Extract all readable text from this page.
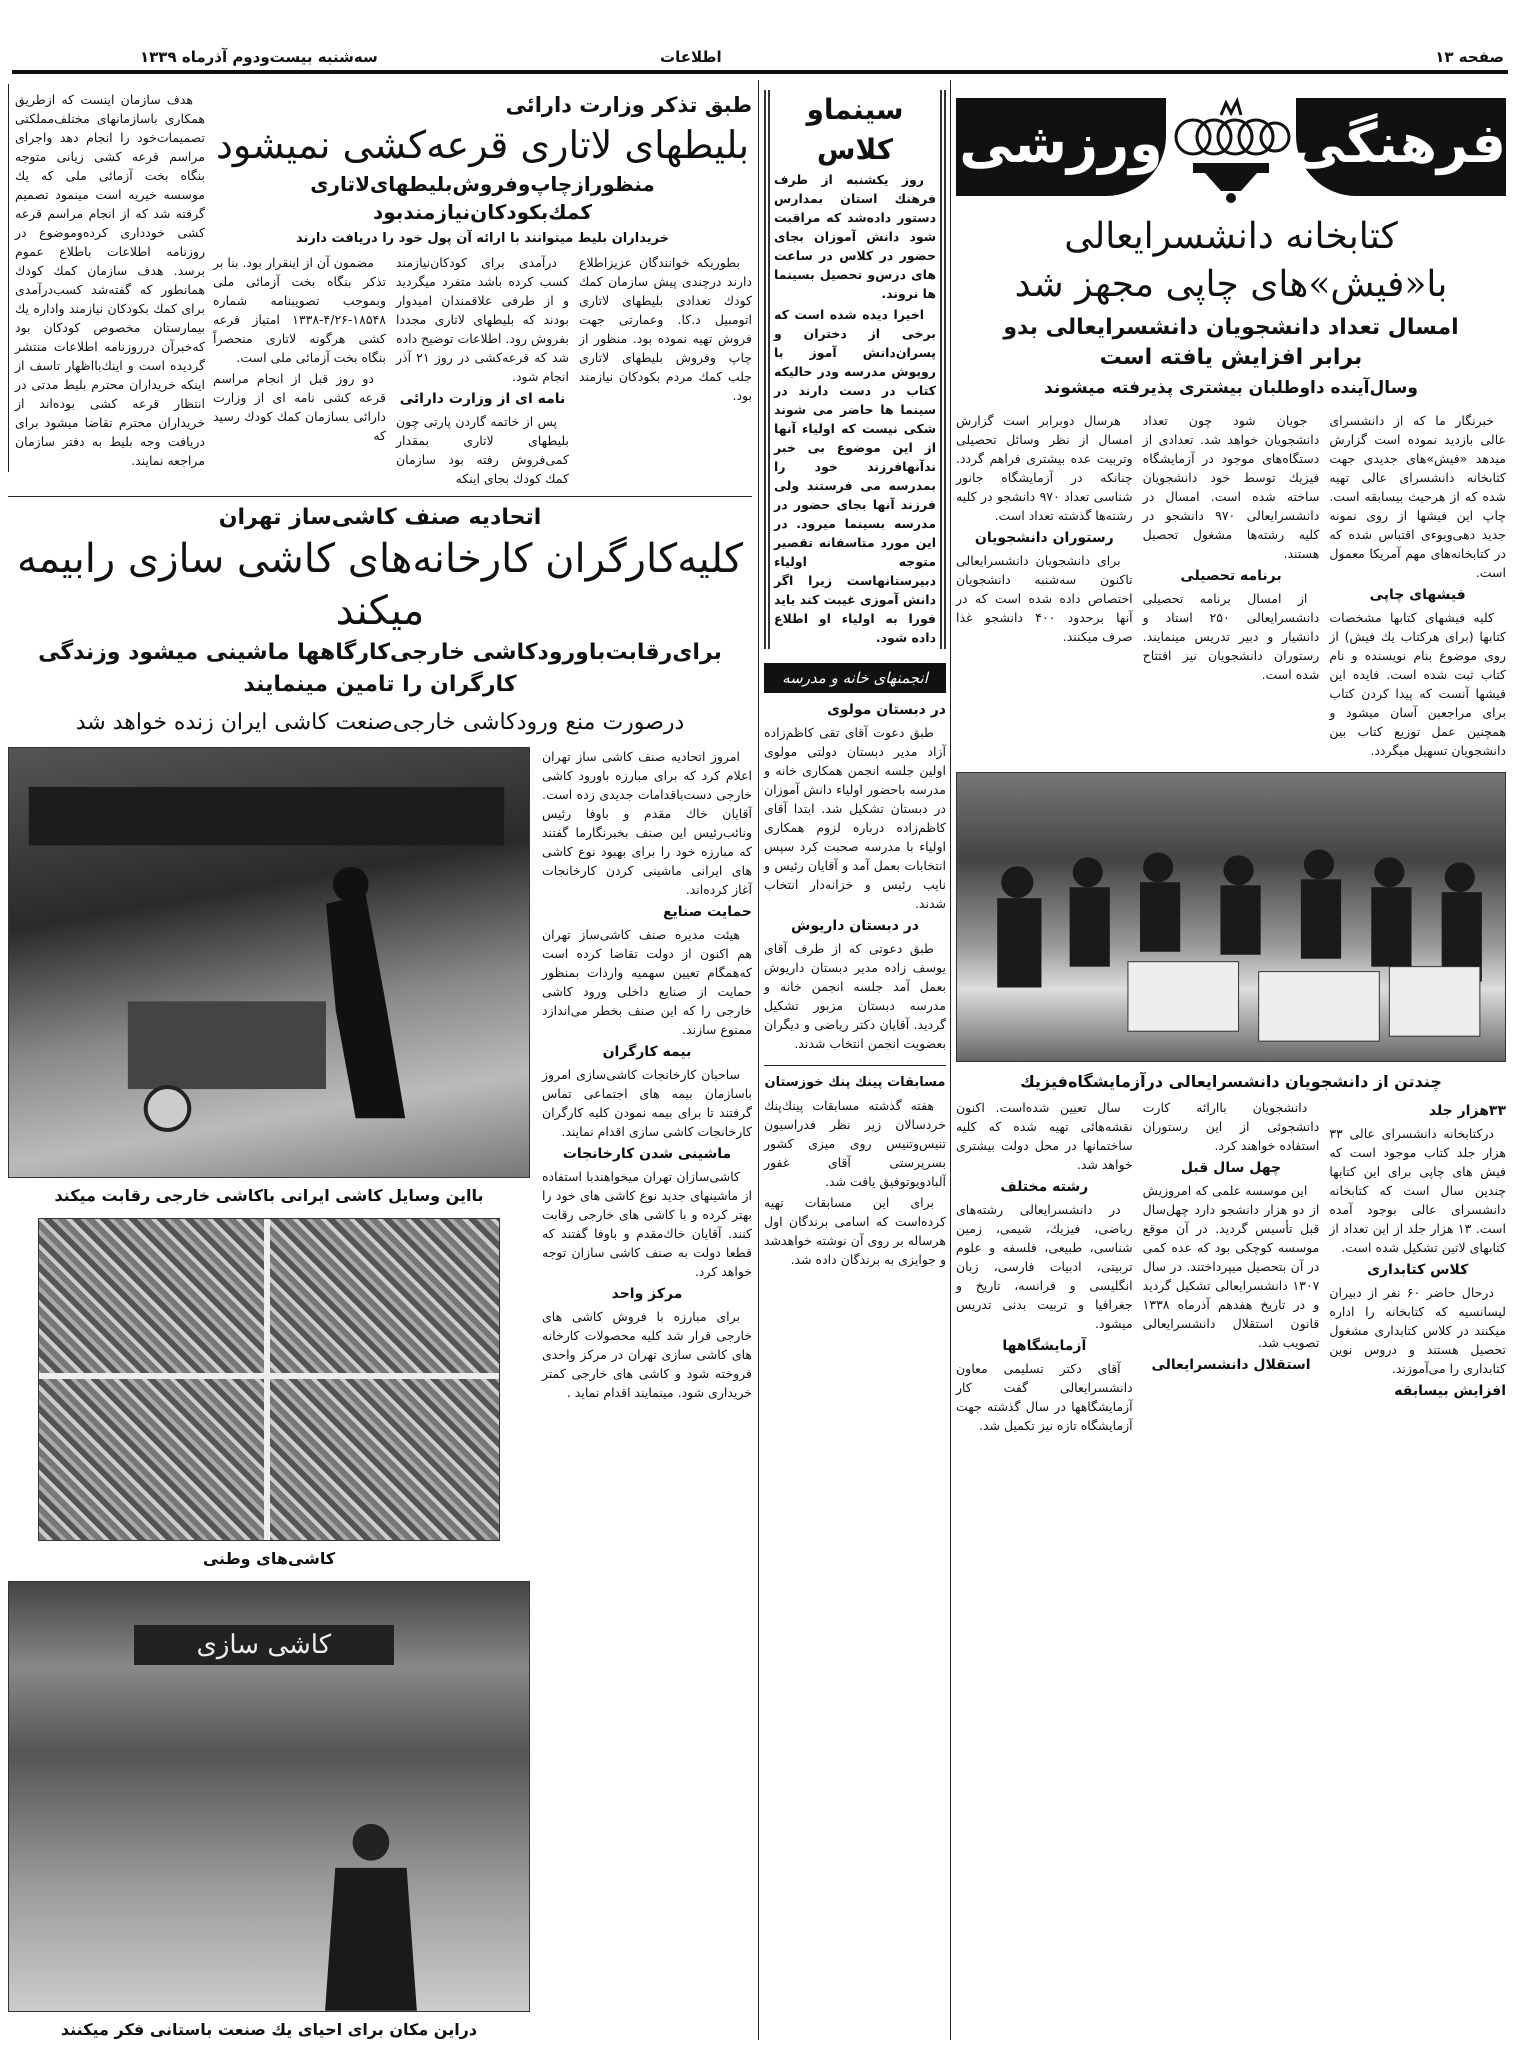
صفحه ۱۳
اطلاعات
سه‌شنبه بیست‌ودوم آذرماه ۱۳۳۹
فرهنگی
ورزشی
کتابخانه دانشسرایعالی
با«فیش»های چاپی مجهز شد
امسال تعداد دانشجویان دانشسرایعالی بدو برابر افزایش یافته است
وسال‌آینده داوطلبان بیشتری پذیرفته میشوند

خبرنگار ما که از دانشسرای عالی بازدید نموده است گزارش میدهد «فیش»های جدیدی جهت کتابخانه دانشسرای عالی تهیه شده که از هرحیث بیسابقه است. چاپ این فیشها از روی نمونه جدید دهی‌ویوءی اقتباس شده که در کتابخانه‌های مهم آمریکا معمول است.

فیشهای چاپی

کلیه فیشهای کتابها مشخصات کتابها (برای هرکتاب یك فیش) از روی موضوع بنام نویسنده و نام کتاب ثبت شده است. فایده این فیشها آنست که پیدا کردن کتاب برای مراجعین آسان میشود و همچنین عمل توزیع کتاب بین دانشجویان تسهیل میگردد.

جویان شود چون تعداد دانشجویان خواهد شد. تعدادی از دستگاه‌های موجود در آزمایشگاه فیزیك توسط خود دانشجویان ساخته شده است. امسال در دانشسرایعالی ۹۷۰ دانشجو در کلیه رشته‌ها مشغول تحصیل هستند.

برنامه تحصیلی

از امسال برنامه تحصیلی دانشسرایعالی ۲۵۰ استاد و دانشیار و دبیر تدریس مینمایند. رستوران دانشجویان نیز افتتاح شده است.

هرسال دوبرابر است گزارش امسال از نظر وسائل تحصیلی وتربیت عده بیشتری فراهم گردد. چنانکه در آزمایشگاه جانور شناسی تعداد ۹۷۰ دانشجو در کلیه رشته‌ها گذشته تعداد است.

رستوران دانشجویان

برای دانشجویان دانشسرایعالی تاکنون سه‌شنبه دانشجویان اختصاص داده شده است که در آنها برحدود ۴۰۰ دانشجو غذا صرف میکنند.

چندتن از دانشجویان دانشسرایعالی درآزمایشگاه‌فیزیك
۳۳هزار جلد

درکتابخانه دانشسرای عالی ۳۳ هزار جلد کتاب موجود است که فیش های چاپی برای این کتابها چندین سال است که کتابخانه دانشسرای عالی بوجود آمده است. ۱۳ هزار جلد از این تعداد از کتابهای لاتین تشکیل شده است.

کلاس کتابداری

درحال حاضر ۶۰ نفر از دبیران لیسانسیه که کتابخانه را اداره میکنند در کلاس کتابداری مشغول تحصیل هستند و دروس نوین کتابداری را می‌آموزند.

افزایش بیسابقه

دانشجویان باارائه کارت دانشجوئی از این رستوران استفاده خواهند کرد.

چهل سال قبل

این موسسه علمی که امروزیش از دو هزار دانشجو دارد چهل‌سال قبل تأسیس گردید. در آن موقع موسسه کوچکی بود که عده کمی در آن بتحصیل میپرداختند. در سال ۱۳۰۷ دانشسرایعالی تشکیل گردید و در تاریخ هفدهم آذرماه ۱۳۳۸ قانون استقلال دانشسرایعالی تصویب شد.

استقلال دانشسرایعالی

سال تعیین شده‌است. اکنون نقشه‌هائی تهیه شده که کلیه ساختمانها در محل دولت بیشتری خواهد شد.

رشته مختلف

در دانشسرایعالی رشته‌های ریاضی، فیزیك، شیمی، زمین شناسی، طبیعی، فلسفه و علوم تربیتی، ادبیات فارسی، زبان انگلیسی و فرانسه، تاریخ و جغرافیا و تربیت بدنی تدریس میشود.

آزمایشگاهها

آقای دکتر تسلیمی معاون دانشسرایعالی گفت کار آزمایشگاهها در سال گذشته جهت آزمایشگاه تازه نیز تکمیل شد.

سینماو کلاس

روز یکشنبه از طرف فرهنك استان بمدارس دستور داده‌شد که مراقبت شود دانش آموزان بجای حضور در کلاس در ساعت های درس‌و تحصیل بسینما ها نروند.

اخیرا دیده شده است که برخی از دختران و پسران‌دانش آموز با روپوش مدرسه ودر حالیکه کتاب در دست دارند در سینما ها حاضر می شوند شکی نیست که اولیاء آنها از این موضوع بی خبر ندآنهافرزند خود را بمدرسه می فرستند ولی فرزند آنها بجای حضور در مدرسه بسینما میرود. در این مورد متاسفانه تقصیر متوجه اولیاء دبیرستانهاست زیرا اگر دانش آموزی غیبت کند باید فورا به اولیاء او اطلاع داده شود.

انجمنهای خانه و مدرسه
در دبستان مولوی

طبق دعوت آقای تقی کاظم‌زاده آزاد مدیر دبستان دولتی مولوی اولین جلسه انجمن همکاری خانه و مدرسه باحضور اولیاء دانش آموزان در دبستان تشکیل شد. ابتدا آقای کاظم‌زاده درباره لزوم همکاری اولیاء با مدرسه صحبت کرد سپس انتخابات بعمل آمد و آقایان رئیس و نایب رئیس و خزانه‌دار انتخاب شدند.

در دبستان داریوش

طبق دعوتی که از طرف آقای یوسف زاده مدیر دبستان داریوش بعمل آمد جلسه انجمن خانه و مدرسه دبستان مزبور تشکیل گردید. آقایان دکتر ریاضی و دیگران بعضویت انجمن انتخاب شدند.

مسابقات پینك پنك خوزستان

هفته گذشته مسابقات پینك‌پنك خرد‌سالان زیر نظر فدراسیون تنیس‌وتنیس روی میزی کشور بسرپرستی آقای غفور آلبادویوتوفیق یافت شد.

برای این مسابقات تهیه کرده‌است که اسامی برندگان اول هرساله بر روی آن نوشته خواهدشد و جوایزی به برندگان داده شد.

هدف سازمان اینست که ازطریق همکاری باسازمانهای مختلف‌مملکتی تصمیمات‌خود را انجام دهد واجرای مراسم قرعه کشی زیانی متوجه بنگاه بخت آزمائی ملی که یك موسسه خیریه است مینمود تصمیم گرفته شد که از انجام مراسم قرعه کشی خودداری کرده‌وموضوع در روزنامه اطلاعات باطلاع عموم برسد. هدف سازمان کمك کودك همانطور که گفته‌شد کسب‌درآمدی برای کمك بکودکان نیازمند واداره یك بیمارستان مخصوص کودکان بود که‌خبرآن درروزنامه اطلاعات منتشر گردیده است و اینك‌بااظهار تاسف از اینکه خریداران محترم بلیط مدتی در انتظار قرعه کشی بوده‌اند از خریداران محترم تقاضا میشود برای دریافت وجه بلیط به دفتر سازمان مراجعه نمایند.

طبق تذکر وزارت دارائی
بلیطهای لاتاری قرعه‌کشی نمیشود
منظوراز‌چاپ‌وفروش‌بلیطهای‌لاتاری کمك‌بکودکان‌نیازمند‌بود
خریداران بلیط میتوانند با ارائه آن پول خود را دریافت دارند

بطوریکه خوانندگان عزیزاطلاع دارند درچندی پیش سازمان کمك کودك تعدادی بلیطهای لاتاری اتومبیل د.کا. وعمارتی جهت فروش تهیه نموده بود. منظور از چاپ وفروش بلیطهای لاتاری جلب کمك مردم بکودکان نیازمند بود.

درآمدی برای کودکان‌نیازمند کسب کرده باشد متفرد میگردید و از طرفی علاقمندان امیدوار بودند که بلیطهای لاتاری مجددا بفروش رود. اطلاعات توضیح داده شد که قرعه‌کشی در روز ۲۱ آذر انجام شود.

نامه ای از وزارت دارائی

پس از خاتمه گاردن پارتی چون بلیطهای لاتاری بمقدار کمی‌فروش رفته بود سازمان کمك کودك بجای اینکه

مضمون آن از اینقرار بود. بنا بر تذکر بنگاه بخت آزمائی ملی وبموجب تصویبنامه شماره ۱۸۵۴۸-۴/۲۶-۱۳۳۸ امتیاز قرعه کشی هرگونه لاتاری منحصراً بنگاه بخت آزمائی ملی است.

دو روز قبل از انجام مراسم قرعه کشی نامه ای از وزارت دارائی بسازمان کمك کودك رسید که

اتحادیه صنف کاشی‌ساز تهران
کلیه‌کارگران کارخانه‌های کاشی سازی رابیمه میکند
برای‌رقابت‌باورودکاشی خارجی‌کارگاهها ماشینی میشود وزندگی کارگران را تامین مینمایند
درصورت منع ورودکاشی خارجی‌صنعت کاشی ایران زنده خواهد شد

امروز اتحادیه صنف کاشی ساز تهران اعلام کرد که برای مبارزه باورود کاشی خارجی دست‌باقدامات جدیدی زده است. آقایان خاك مقدم و باوفا رئیس ونائب‌رئیس این صنف بخبرنگارما گفتند که مبارزه خود را برای بهبود نوع کاشی های ایرانی ماشینی کردن کارخانجات آغاز کرده‌اند.

حمایت صنایع

هیئت مدیره صنف کاشی‌ساز تهران هم اکنون از دولت تقاضا کرده است که‌همگام تعیین سهمیه واردات بمنظور حمایت از صنایع داخلی ورود کاشی خارجی را که این صنف بخطر می‌اندازد ممنوع سازند.

بیمه کارگران

ساحبان کارخانجات کاشی‌سازی امروز باسازمان بیمه های اجتماعی تماس گرفتند تا برای بیمه نمودن کلیه کارگران کارخانجات کاشی سازی اقدام نمایند.

ماشینی شدن کارخانجات

کاشی‌سازان تهران میخواهندبا استفاده از ماشینهای جدید نوع کاشی های خود را بهتر کرده و با کاشی های خارجی رقابت کنند. آقایان خاك‌مقدم و باوفا گفتند که قطعا دولت به صنف کاشی سازان توجه خواهد کرد.

مرکز واحد

برای مبارزه با فروش کاشی های خارجی قرار شد کلیه محصولات کارخانه های کاشی سازی تهران در مرکز واحدی فروخته شود و کاشی های خارجی کمتر خریداری شود. مینمایند اقدام نماید .

بااین وسایل کاشی ایرانی باکاشی خارجی رقابت میکند
کاشی‌های وطنی
کاشی سازی
دراین مکان برای احیای یك صنعت باستانی فکر میکنند
